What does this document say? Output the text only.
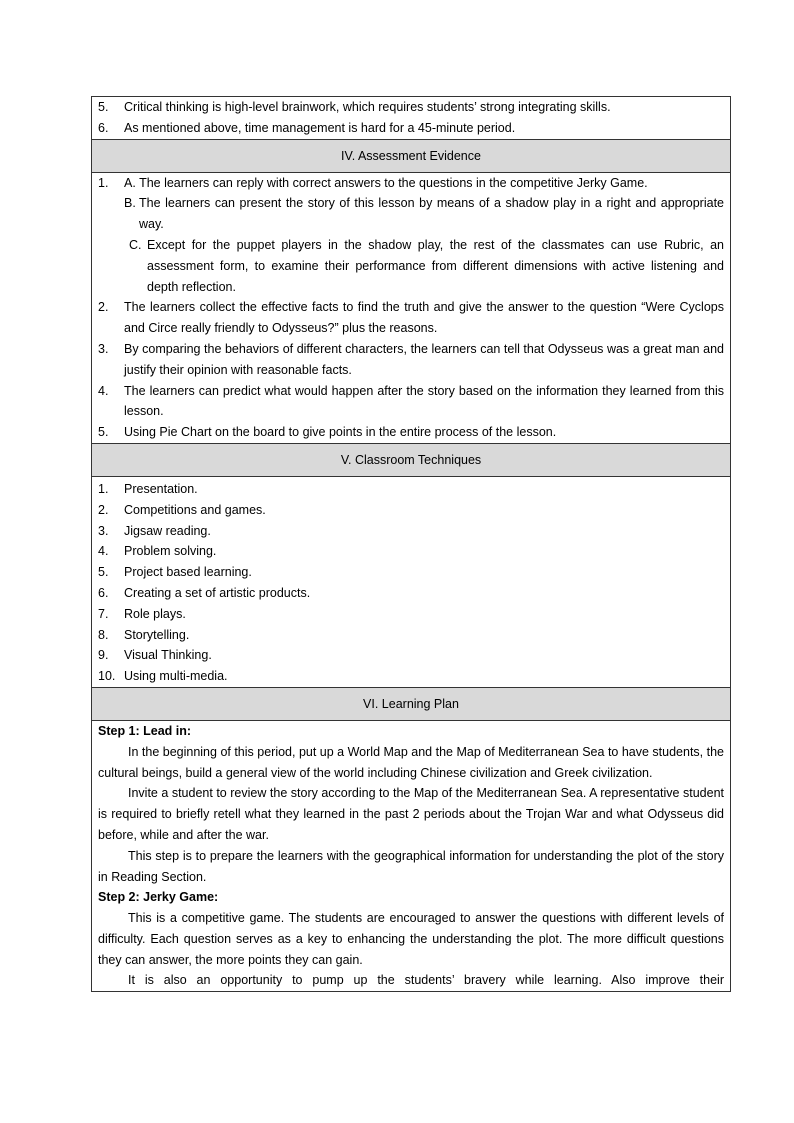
5.	Critical thinking is high-level brainwork, which requires students’ strong integrating skills.
6.	As mentioned above, time management is hard for a 45-minute period.
IV. Assessment Evidence
1.	A. The learners can reply with correct answers to the questions in the competitive Jerky Game.
B. The learners can present the story of this lesson by means of a shadow play in a right and appropriate way.
C. Except for the puppet players in the shadow play, the rest of the classmates can use Rubric, an assessment form, to examine their performance from different dimensions with active listening and depth reflection.
2.	The learners collect the effective facts to find the truth and give the answer to the question “Were Cyclops and Circe really friendly to Odysseus?” plus the reasons.
3.	By comparing the behaviors of different characters, the learners can tell that Odysseus was a great man and justify their opinion with reasonable facts.
4.	The learners can predict what would happen after the story based on the information they learned from this lesson.
5.	Using Pie Chart on the board to give points in the entire process of the lesson.
V. Classroom Techniques
1.	Presentation.
2.	Competitions and games.
3.	Jigsaw reading.
4.	Problem solving.
5.	Project based learning.
6.	Creating a set of artistic products.
7.	Role plays.
8.	Storytelling.
9.	Visual Thinking.
10. Using multi-media.
VI. Learning Plan
Step 1: Lead in:
In the beginning of this period, put up a World Map and the Map of Mediterranean Sea to have students, the cultural beings, build a general view of the world including Chinese civilization and Greek civilization.
Invite a student to review the story according to the Map of the Mediterranean Sea. A representative student is required to briefly retell what they learned in the past 2 periods about the Trojan War and what Odysseus did before, while and after the war.
This step is to prepare the learners with the geographical information for understanding the plot of the story in Reading Section.
Step 2: Jerky Game:
This is a competitive game. The students are encouraged to answer the questions with different levels of difficulty. Each question serves as a key to enhancing the understanding the plot. The more difficult questions they can answer, the more points they can gain.
It is also an opportunity to pump up the students’ bravery while learning. Also improve their
